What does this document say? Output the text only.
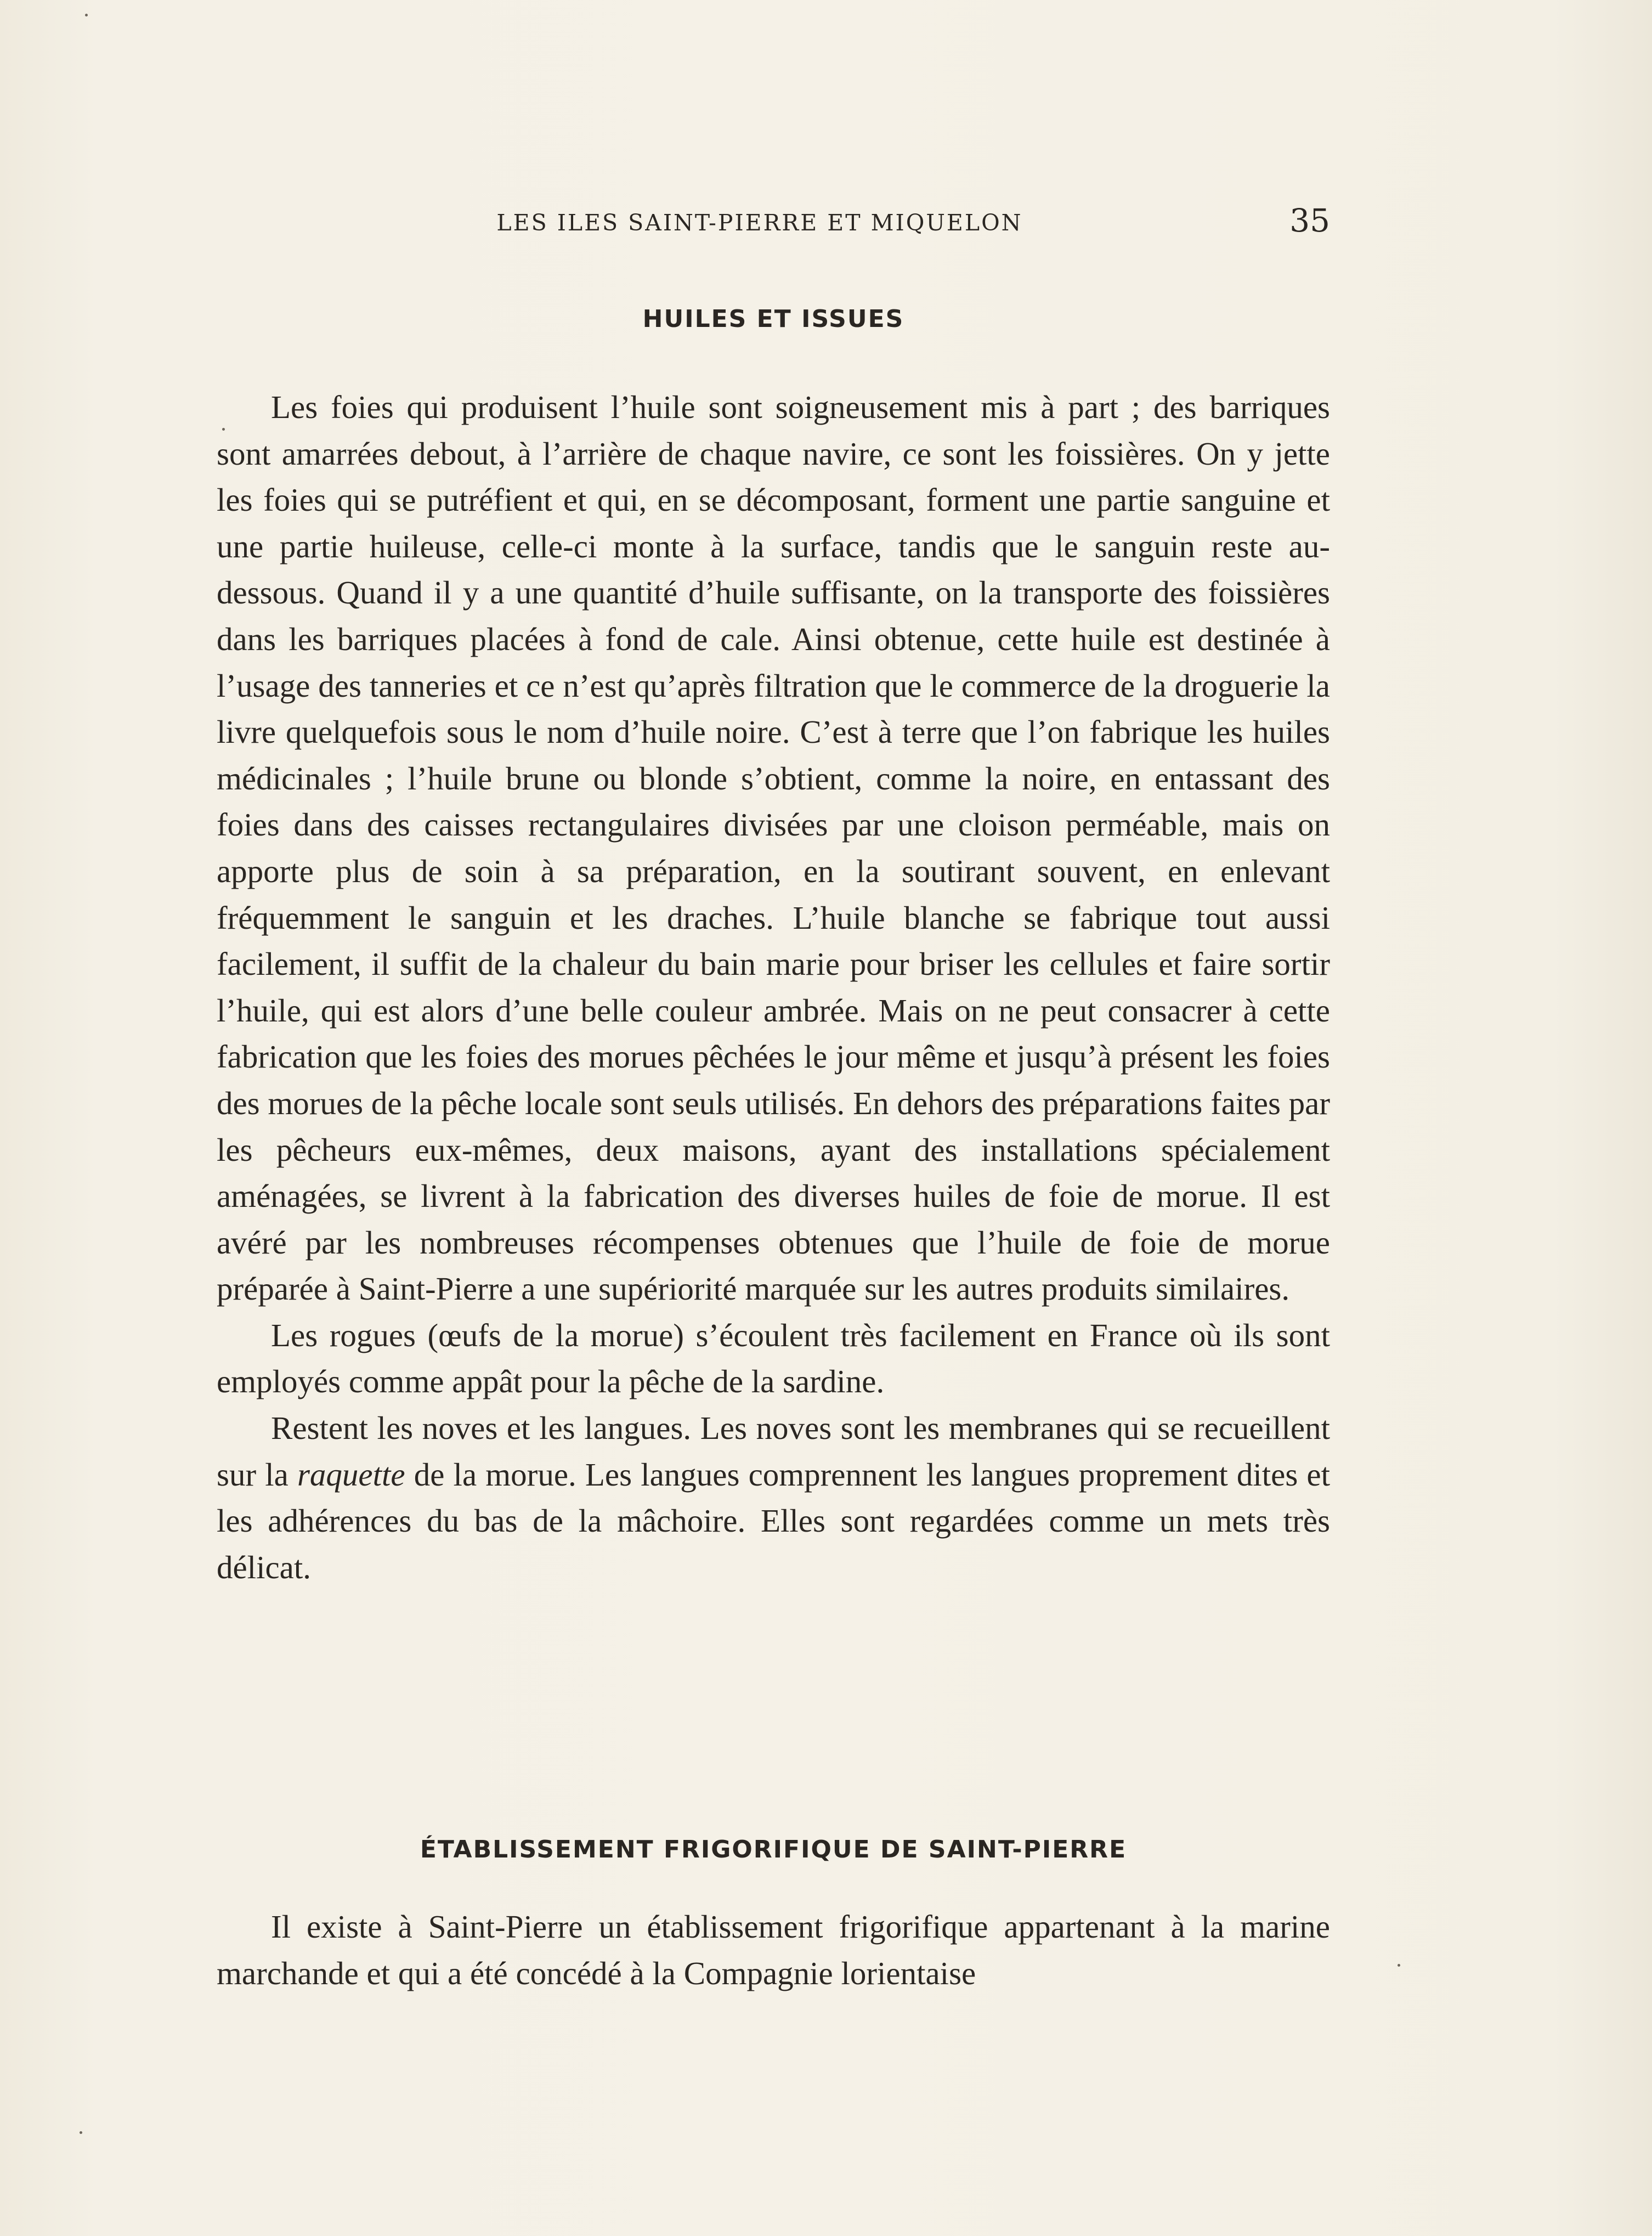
LES ILES SAINT-PIERRE ET MIQUELON	35
HUILES ET ISSUES

Les foies qui produisent l’huile sont soigneusement mis à part ; des barriques sont amarrées debout, à l’arrière de chaque navire, ce sont les foissières. On y jette les foies qui se putréfient et qui, en se décomposant, forment une partie sanguine et une partie huileuse, celle-ci monte à la surface, tandis que le sanguin reste au-dessous. Quand il y a une quantité d’huile suffisante, on la transporte des foissières dans les barriques placées à fond de cale. Ainsi obtenue, cette huile est destinée à l’usage des tanneries et ce n’est qu’après filtration que le commerce de la droguerie la livre quelquefois sous le nom d’huile noire. C’est à terre que l’on fabrique les huiles médicinales ; l’huile brune ou blonde s’obtient, comme la noire, en entassant des foies dans des caisses rectangulaires divisées par une cloison perméable, mais on apporte plus de soin à sa préparation, en la soutirant souvent, en enlevant fréquemment le sanguin et les draches. L’huile blanche se fabrique tout aussi facilement, il suffit de la chaleur du bain marie pour briser les cellules et faire sortir l’huile, qui est alors d’une belle couleur ambrée. Mais on ne peut consacrer à cette fabrication que les foies des morues pêchées le jour même et jusqu’à présent les foies des morues de la pêche locale sont seuls utilisés. En dehors des préparations faites par les pêcheurs eux-mêmes, deux maisons, ayant des installations spécialement aménagées, se livrent à la fabrication des diverses huiles de foie de morue. Il est avéré par les nombreuses récompenses obtenues que l’huile de foie de morue préparée à Saint-Pierre a une supériorité marquée sur les autres produits similaires.

Les rogues (œufs de la morue) s’écoulent très facilement en France où ils sont employés comme appât pour la pêche de la sardine.

Restent les noves et les langues. Les noves sont les membranes qui se recueillent sur la raquette de la morue. Les langues comprennent les langues proprement dites et les adhérences du bas de la mâchoire. Elles sont regardées comme un mets très délicat.

ÉTABLISSEMENT FRIGORIFIQUE DE SAINT-PIERRE

Il existe à Saint-Pierre un établissement frigorifique appartenant à la marine marchande et qui a été concédé à la Compagnie lorientaise
